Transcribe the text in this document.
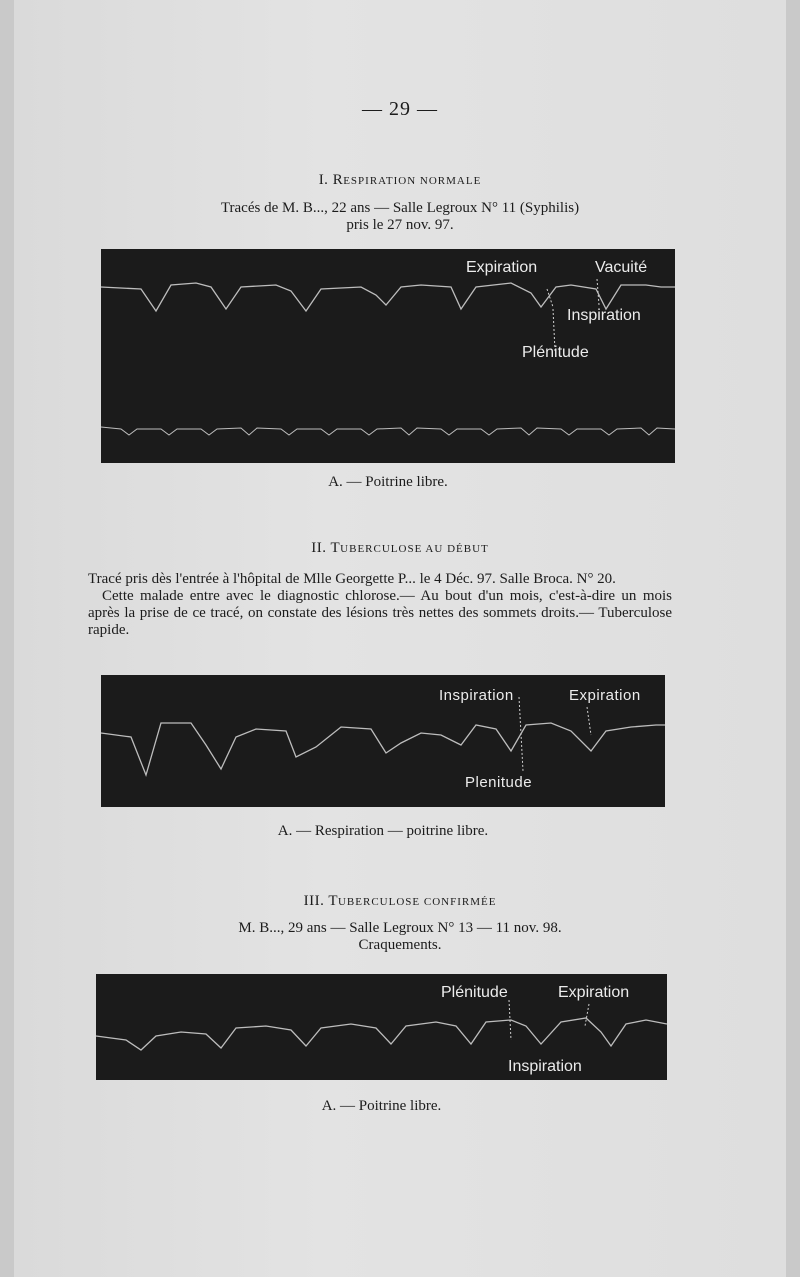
— 29 —
I. RESPIRATION NORMALE
Tracés de M. B..., 22 ans — Salle Legroux N° 11 (Syphilis)
pris le 27 nov. 97.
Expiration	Vacuité
Inspiration
Plénitude
A. — Poitrine libre.
II. TUBERCULOSE AU DÉBUT

Tracé pris dès l'entrée à l'hôpital de Mlle Georgette P... le 4 Déc. 97. Salle Broca. N° 20.

Cette malade entre avec le diagnostic chlorose.— Au bout d'un mois, c'est-à-dire un mois après la prise de ce tracé, on constate des lésions très nettes des sommets droits.— Tuberculose rapide.

Inspiration	Expiration
Plenitude
A. — Respiration — poitrine libre.
III. TUBERCULOSE CONFIRMÉE
M. B..., 29 ans — Salle Legroux N° 13 — 11 nov. 98.
Craquements.
Plénitude	Expiration
Inspiration
A. — Poitrine libre.
